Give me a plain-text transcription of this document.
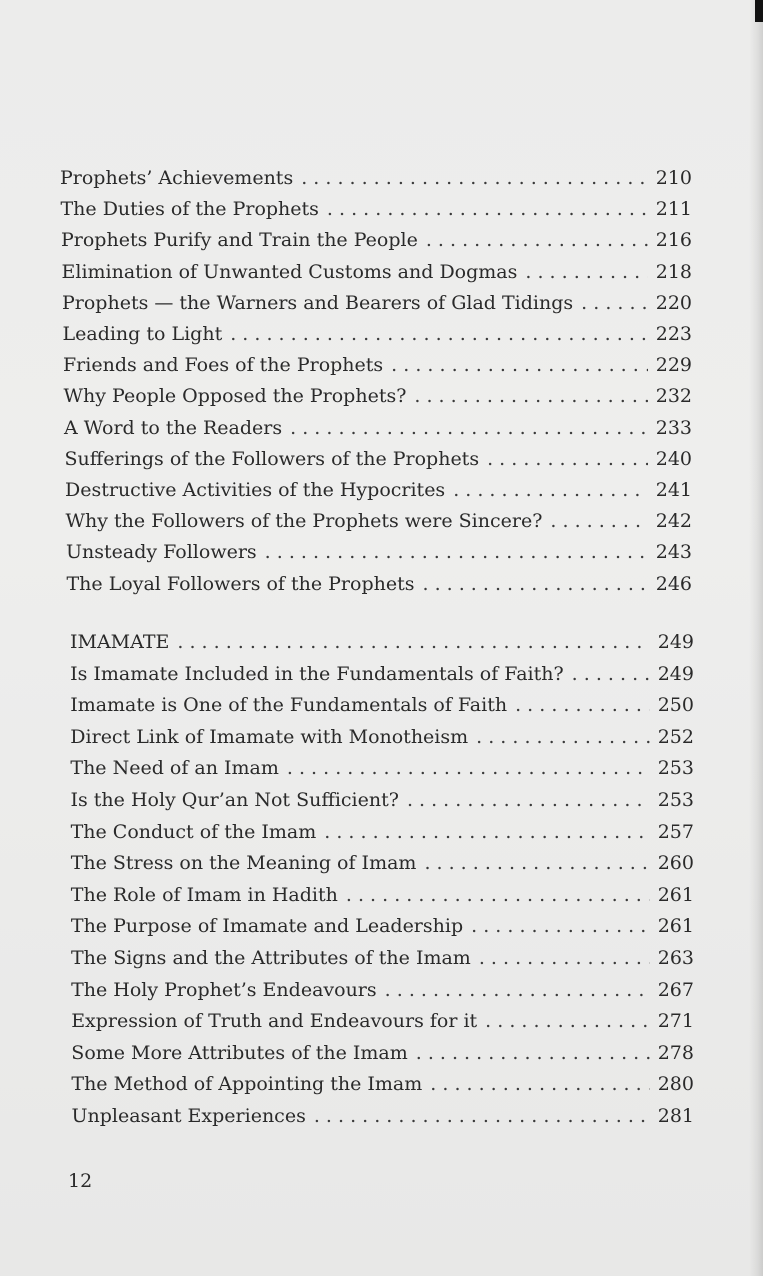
Prophets’ Achievements . . .	210
The Duties of the Prophets . . .	211
Prophets Purify and Train the People . . .	216
Elimination of Unwanted Customs and Dogmas . . .	218
Prophets — the Warners and Bearers of Glad Tidings . . .	220
Leading to Light . . .	223
Friends and Foes of the Prophets . . .	229
Why People Opposed the Prophets? . . .	232
A Word to the Readers . . .	233
Sufferings of the Followers of the Prophets . . .	240
Destructive Activities of the Hypocrites . . .	241
Why the Followers of the Prophets were Sincere? . . .	242
Unsteady Followers . . .	243
The Loyal Followers of the Prophets . . .	246
IMAMATE . . .	249
Is Imamate Included in the Fundamentals of Faith? . . .	249
Imamate is One of the Fundamentals of Faith . . .	250
Direct Link of Imamate with Monotheism . . .	252
The Need of an Imam . . .	253
Is the Holy Qur’an Not Sufficient? . . .	253
The Conduct of the Imam . . .	257
The Stress on the Meaning of Imam . . .	260
The Role of Imam in Hadith . . .	261
The Purpose of Imamate and Leadership . . .	261
The Signs and the Attributes of the Imam . . .	263
The Holy Prophet’s Endeavours . . .	267
Expression of Truth and Endeavours for it . . .	271
Some More Attributes of the Imam . . .	278
The Method of Appointing the Imam . . .	280
Unpleasant Experiences . . .	281
12
